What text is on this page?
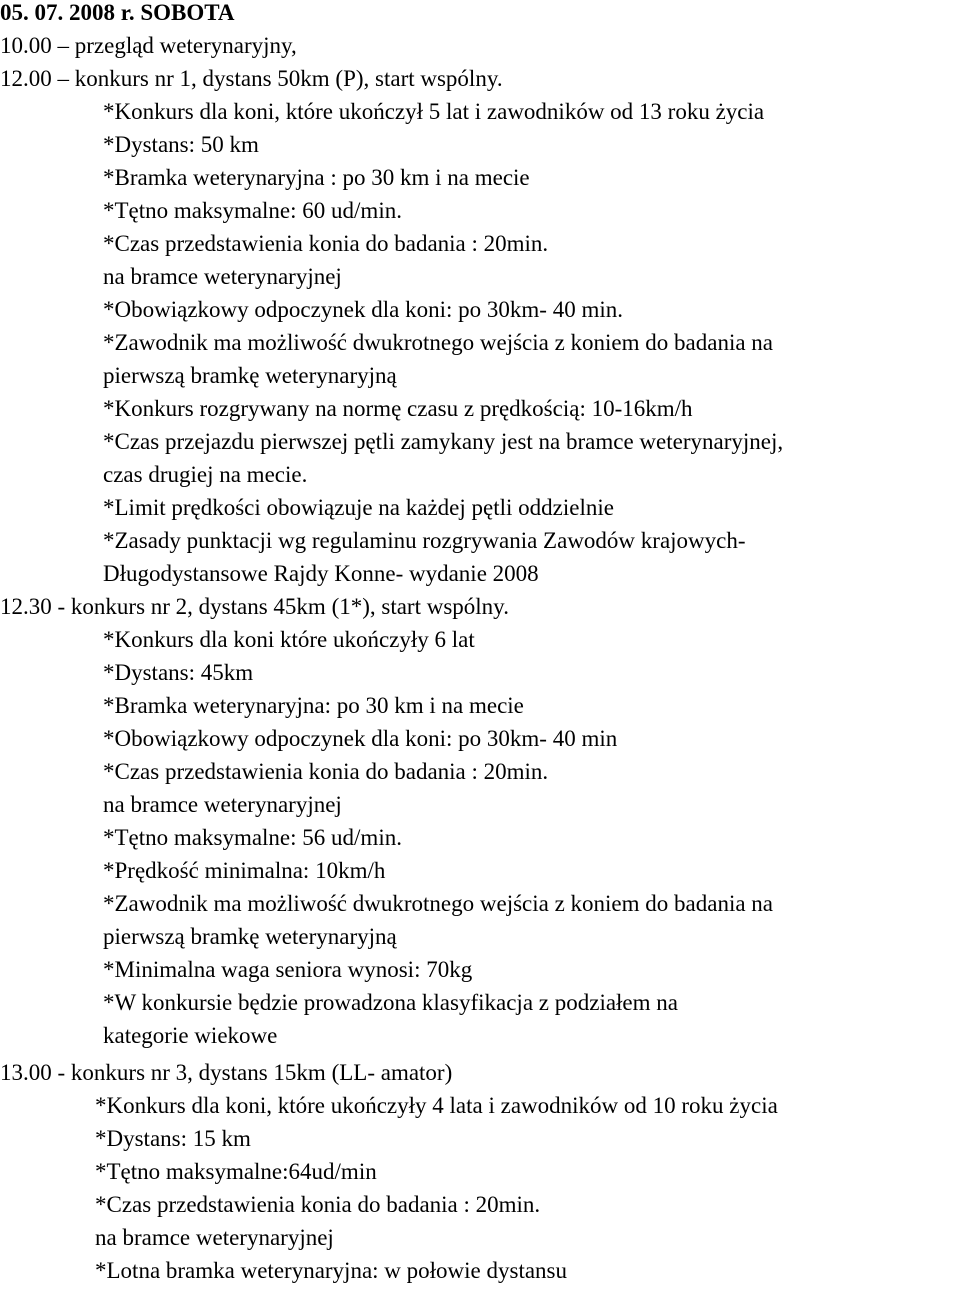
05. 07. 2008 r. SOBOTA
10.00 – przegląd weterynaryjny,
12.00 – konkurs nr 1, dystans 50km (P), start wspólny.
*Konkurs dla koni, które ukończył 5 lat i zawodników od 13 roku życia
*Dystans: 50 km
*Bramka weterynaryjna : po 30 km i na mecie
*Tętno maksymalne: 60 ud/min.
*Czas przedstawienia konia do badania : 20min.
na bramce weterynaryjnej
*Obowiązkowy odpoczynek dla koni: po 30km- 40 min.
*Zawodnik ma możliwość dwukrotnego wejścia z koniem do badania na
pierwszą bramkę weterynaryjną
*Konkurs rozgrywany na normę czasu z prędkością: 10-16km/h
*Czas przejazdu pierwszej pętli zamykany jest na bramce weterynaryjnej,
czas drugiej na mecie.
*Limit prędkości obowiązuje na każdej pętli oddzielnie
*Zasady punktacji wg regulaminu rozgrywania Zawodów krajowych-
Długodystansowe Rajdy Konne- wydanie 2008
12.30 - konkurs nr 2, dystans 45km (1*), start wspólny.
*Konkurs dla koni które ukończyły 6 lat
*Dystans: 45km
*Bramka weterynaryjna: po 30 km i na mecie
*Obowiązkowy odpoczynek dla koni: po 30km- 40 min
*Czas przedstawienia konia do badania : 20min.
na bramce weterynaryjnej
*Tętno maksymalne: 56 ud/min.
*Prędkość minimalna: 10km/h
*Zawodnik ma możliwość dwukrotnego wejścia z koniem do badania na
pierwszą bramkę weterynaryjną
*Minimalna waga seniora wynosi: 70kg
*W konkursie będzie prowadzona klasyfikacja z podziałem na
kategorie wiekowe
13.00 - konkurs nr 3, dystans 15km (LL- amator)
*Konkurs dla koni, które ukończyły 4 lata i zawodników od 10 roku życia
*Dystans: 15 km
*Tętno maksymalne:64ud/min
*Czas przedstawienia konia do badania : 20min.
na bramce weterynaryjnej
*Lotna bramka weterynaryjna: w połowie dystansu
